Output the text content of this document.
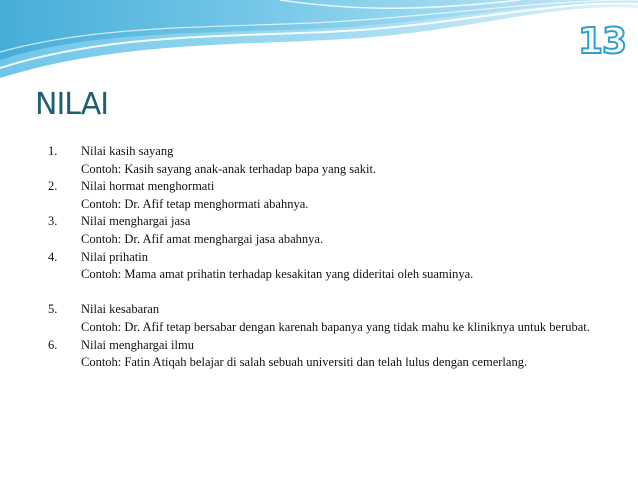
13
NILAI
1.	Nilai kasih sayang
Contoh: Kasih sayang anak-anak terhadap bapa yang sakit.
2.	Nilai hormat menghormati
Contoh: Dr. Afif tetap menghormati abahnya.
3.	Nilai menghargai jasa
Contoh: Dr. Afif amat menghargai jasa abahnya.
4.	Nilai prihatin
Contoh: Mama amat prihatin terhadap kesakitan yang dideritai oleh suaminya.
5.	Nilai kesabaran
Contoh: Dr. Afif tetap bersabar dengan karenah bapanya yang tidak mahu ke kliniknya untuk berubat.
6.	Nilai menghargai ilmu
Contoh: Fatin Atiqah belajar di salah sebuah universiti dan telah lulus dengan cemerlang.
